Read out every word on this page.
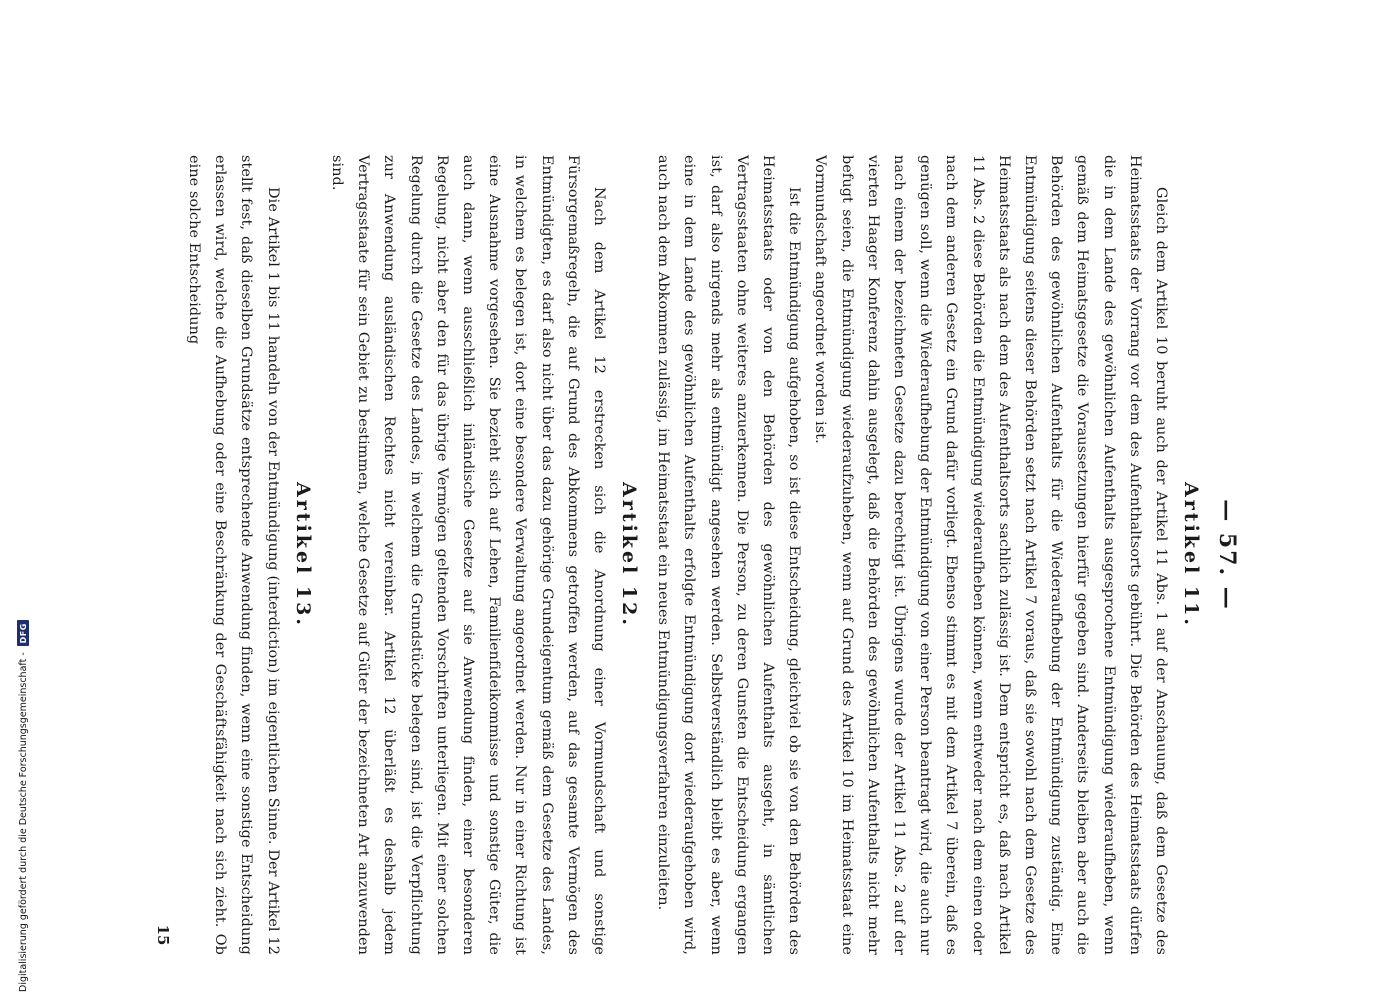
— 57. —
Artikel 11.

Gleich dem Artikel 10 beruht auch der Artikel 11 Abs. 1 auf der Anschauung, daß dem Gesetze des Heimatsstaats der Vorrang vor dem des Aufenthaltsorts gebührt. Die Behörden des Heimatsstaats dürfen die in dem Lande des gewöhnlichen Aufenthalts ausgesprochene Entmündigung wiederaufheben, wenn gemäß dem Heimatsgesetze die Voraussetzungen hierfür gegeben sind. Anderseits bleiben aber auch die Behörden des gewöhnlichen Aufenthalts für die Wiederaufhebung der Entmündigung zuständig. Eine Entmündigung seitens dieser Behörden setzt nach Artikel 7 voraus, daß sie sowohl nach dem Gesetze des Heimatsstaats als nach dem des Aufenthaltsorts sachlich zulässig ist. Dem entspricht es, daß nach Artikel 11 Abs. 2 diese Behörden die Entmündigung wiederaufheben können, wenn entweder nach dem einen oder nach dem anderen Gesetz ein Grund dafür vorliegt. Ebenso stimmt es mit dem Artikel 7 überein, daß es genügen soll, wenn die Wiederaufhebung der Entmündigung von einer Person beantragt wird, die auch nur nach einem der bezeichneten Gesetze dazu berechtigt ist. Übrigens wurde der Artikel 11 Abs. 2 auf der vierten Haager Konferenz dahin ausgelegt, daß die Behörden des gewöhnlichen Aufenthalts nicht mehr befugt seien, die Entmündigung wiederaufzuheben, wenn auf Grund des Artikel 10 im Heimatsstaat eine Vormundschaft angeordnet worden ist.

Ist die Entmündigung aufgehoben, so ist diese Entscheidung, gleichviel ob sie von den Behörden des Heimatsstaats oder von den Behörden des gewöhnlichen Aufenthalts ausgeht, in sämtlichen Vertragsstaaten ohne weiteres anzuerkennen. Die Person, zu deren Gunsten die Entscheidung ergangen ist, darf also nirgends mehr als entmündigt angesehen werden. Selbstverständlich bleibt es aber, wenn eine in dem Lande des gewöhnlichen Aufenthalts erfolgte Entmündigung dort wiederaufgehoben wird, auch nach dem Abkommen zulässig, im Heimatsstaat ein neues Entmündigungsverfahren einzuleiten.

Artikel 12.

Nach dem Artikel 12 erstrecken sich die Anordnung einer Vormundschaft und sonstige Fürsorgemaßregeln, die auf Grund des Abkommens getroffen werden, auf das gesamte Vermögen des Entmündigten, es darf also nicht über das dazu gehörige Grundeigentum gemäß dem Gesetze des Landes, in welchem es belegen ist, dort eine besondere Verwaltung angeordnet werden. Nur in einer Richtung ist eine Ausnahme vorgesehen. Sie bezieht sich auf Lehen, Familienfideikommisse und sonstige Güter, die auch dann, wenn ausschließlich inländische Gesetze auf sie Anwendung finden, einer besonderen Regelung, nicht aber den für das übrige Vermögen geltenden Vorschriften unterliegen. Mit einer solchen Regelung durch die Gesetze des Landes, in welchem die Grundstücke belegen sind, ist die Verpflichtung zur Anwendung ausländischen Rechtes nicht vereinbar. Artikel 12 überläßt es deshalb jedem Vertragsstaate für sein Gebiet zu bestimmen, welche Gesetze auf Güter der bezeichneten Art anzuwenden sind.

Artikel 13.

Die Artikel 1 bis 11 handeln von der Entmündigung (interdiction) im eigentlichen Sinne. Der Artikel 12 stellt fest, daß dieselben Grundsätze entsprechende Anwendung finden, wenn eine sonstige Entscheidung erlassen wird, welche die Aufhebung oder eine Beschränkung der Geschäftsfähigkeit nach sich zieht. Ob eine solche Entscheidung

15
Digitalisierung gefördert durch die Deutsche Forschungsgemeinschaft -
DFG
